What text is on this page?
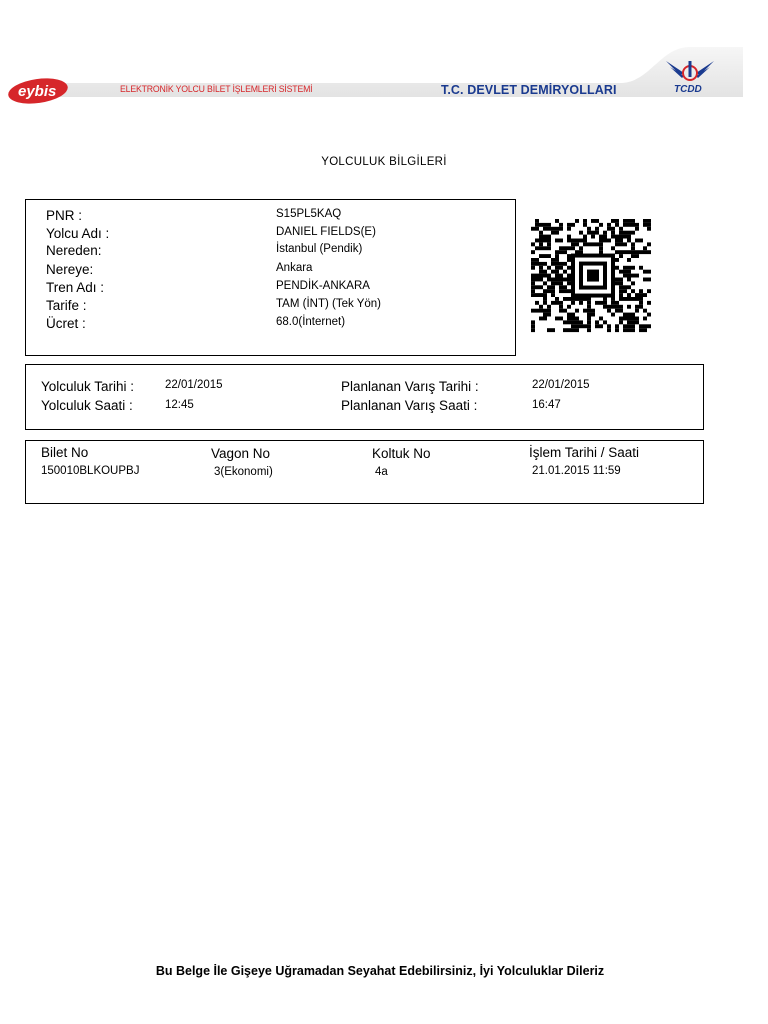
eybis	ELEKTRONİK YOLCU BİLET İŞLEMLERİ SİSTEMİ	T.C. DEVLET DEMİRYOLLARI	TCDD
YOLCULUK BİLGİLERİ
PNR :	S15PL5KAQ
Yolcu Adı :	DANIEL FIELDS(E)
Nereden:	İstanbul (Pendik)
Nereye:	Ankara
Tren Adı :	PENDİK-ANKARA
Tarife :	TAM (İNT) (Tek Yön)
Ücret :	68.0(İnternet)
Yolculuk Tarihi :	22/01/2015
Yolculuk Saati :	12:45
Planlanan Varış Tarihi :	22/01/2015
Planlanan Varış Saati :	16:47
Bilet No	Vagon No	Koltuk No	İşlem Tarihi / Saati
150010BLKOUPBJ	3(Ekonomi)	4a	21.01.2015 11:59
Bu Belge İle Gişeye Uğramadan Seyahat Edebilirsiniz, İyi Yolculuklar Dileriz
